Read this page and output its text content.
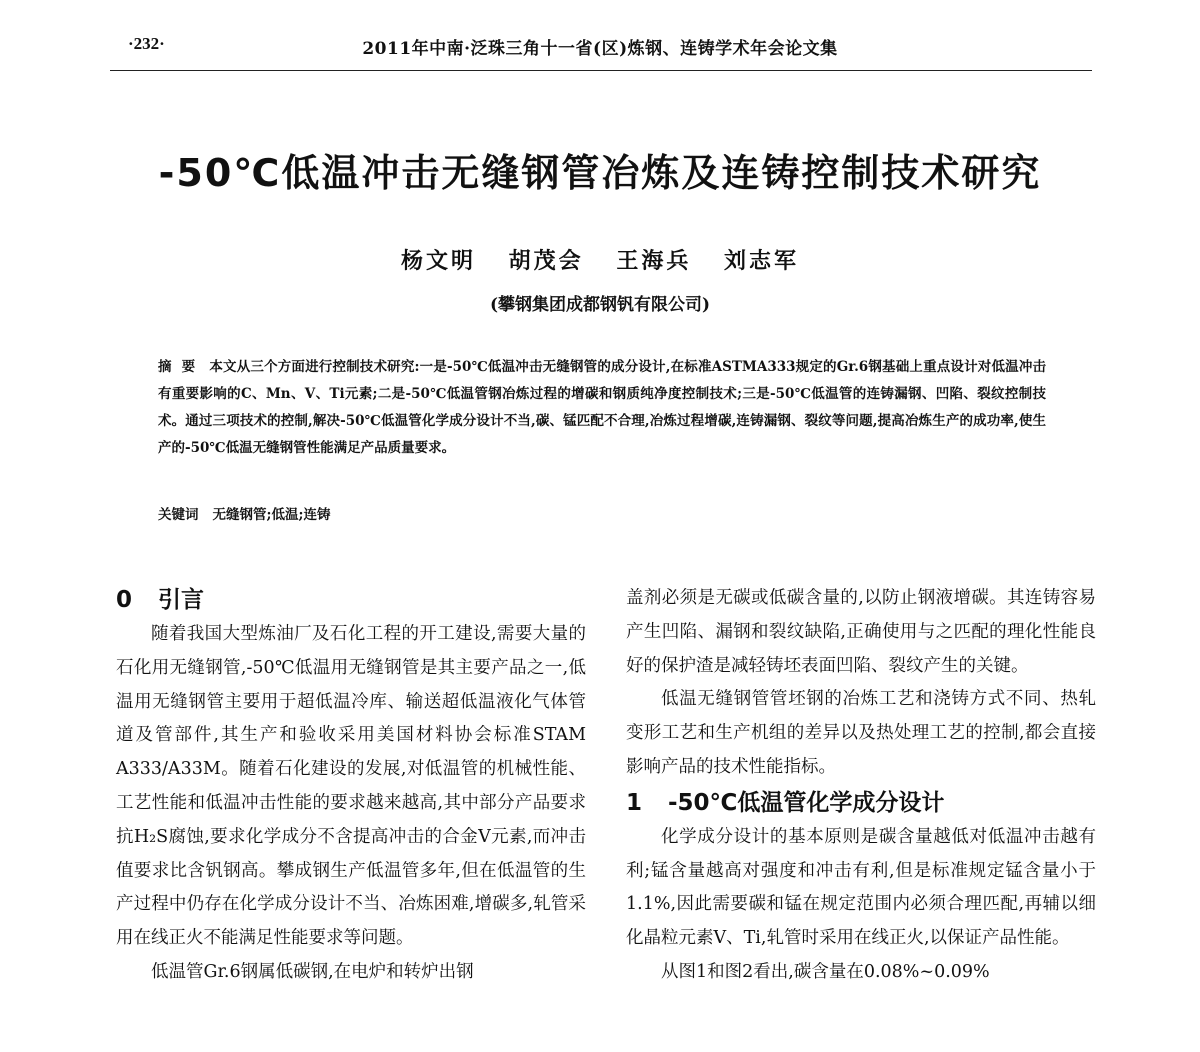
·232·	2011年中南·泛珠三角十一省(区)炼钢、连铸学术年会论文集
-50℃低温冲击无缝钢管冶炼及连铸控制技术研究
杨文明 胡茂会 王海兵 刘志军
(攀钢集团成都钢钒有限公司)
摘要 本文从三个方面进行控制技术研究:一是-50℃低温冲击无缝钢管的成分设计,在标准ASTMA333规定的Gr.6钢基础上重点设计对低温冲击有重要影响的C、Mn、V、Ti元素;二是-50℃低温管钢冶炼过程的增碳和钢质纯净度控制技术;三是-50℃低温管的连铸漏钢、凹陷、裂纹控制技术。通过三项技术的控制,解决-50℃低温管化学成分设计不当,碳、锰匹配不合理,冶炼过程增碳,连铸漏钢、裂纹等问题,提高冶炼生产的成功率,使生产的-50℃低温无缝钢管性能满足产品质量要求。
关键词 无缝钢管;低温;连铸
0 引言

随着我国大型炼油厂及石化工程的开工建设,需要大量的石化用无缝钢管,-50℃低温用无缝钢管是其主要产品之一,低温用无缝钢管主要用于超低温冷库、输送超低温液化气体管道及管部件,其生产和验收采用美国材料协会标准STAM A333/A33M。随着石化建设的发展,对低温管的机械性能、工艺性能和低温冲击性能的要求越来越高,其中部分产品要求抗H₂S腐蚀,要求化学成分不含提高冲击的合金V元素,而冲击值要求比含钒钢高。攀成钢生产低温管多年,但在低温管的生产过程中仍存在化学成分设计不当、冶炼困难,增碳多,轧管采用在线正火不能满足性能要求等问题。

低温管Gr.6钢属低碳钢,在电炉和转炉出钢

盖剂必须是无碳或低碳含量的,以防止钢液增碳。其连铸容易产生凹陷、漏钢和裂纹缺陷,正确使用与之匹配的理化性能良好的保护渣是减轻铸坯表面凹陷、裂纹产生的关键。

低温无缝钢管管坯钢的冶炼工艺和浇铸方式不同、热轧变形工艺和生产机组的差异以及热处理工艺的控制,都会直接影响产品的技术性能指标。

1 -50℃低温管化学成分设计

化学成分设计的基本原则是碳含量越低对低温冲击越有利;锰含量越高对强度和冲击有利,但是标准规定锰含量小于1.1%,因此需要碳和锰在规定范围内必须合理匹配,再辅以细化晶粒元素V、Ti,轧管时采用在线正火,以保证产品性能。

从图1和图2看出,碳含量在0.08%~0.09%
